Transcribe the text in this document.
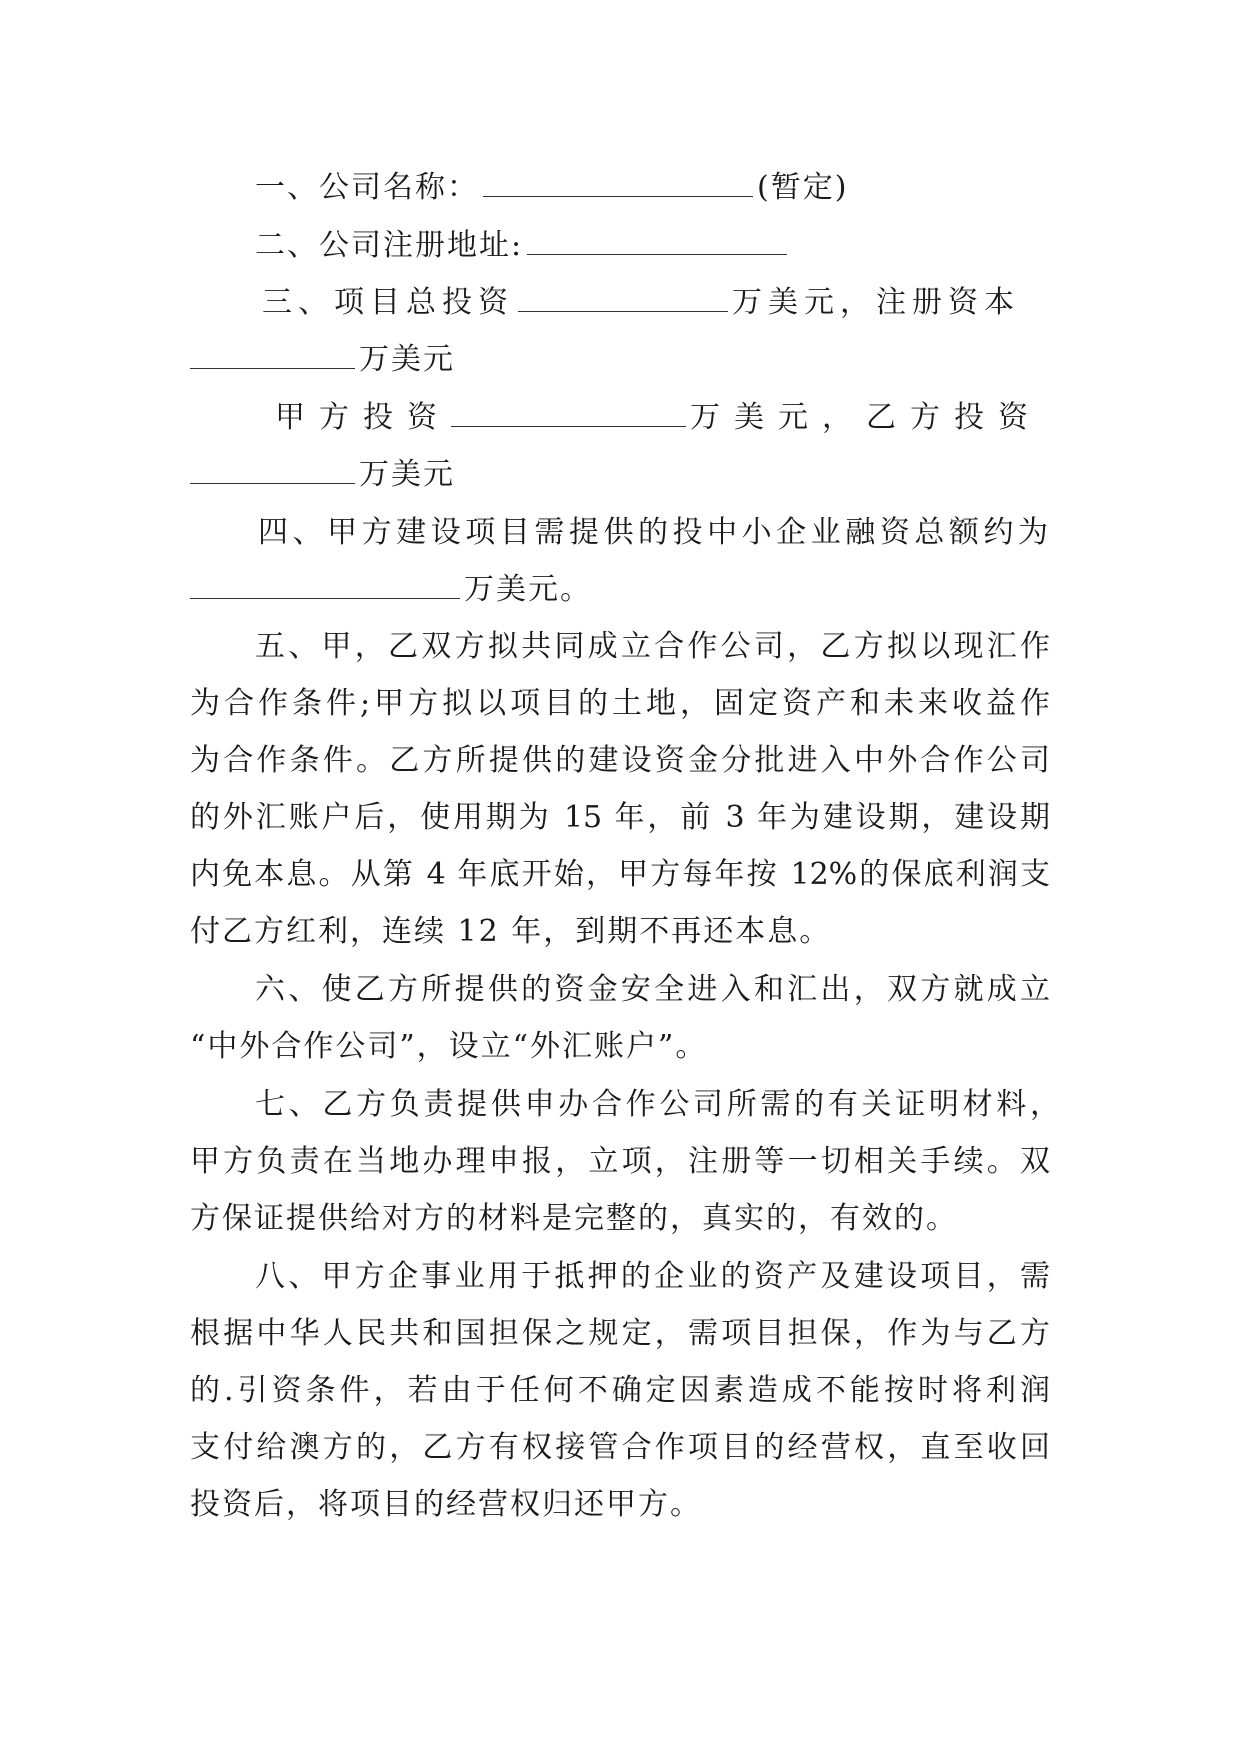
一、公司名称：	(暂定)
二、公司注册地址:
三、项目总投资	万美元，注册资本
万美元
甲方投资	万美元，乙方投资
万美元
四、甲方建设项目需提供的投中小企业融资总额约为
万美元。
五、甲，乙双方拟共同成立合作公司，乙方拟以现汇作
为合作条件;甲方拟以项目的土地，固定资产和未来收益作
为合作条件。乙方所提供的建设资金分批进入中外合作公司
的外汇账户后，使用期为 15 年，前 3 年为建设期，建设期
内免本息。从第 4 年底开始，甲方每年按 12%的保底利润支
付乙方红利，连续 12 年，到期不再还本息。
六、使乙方所提供的资金安全进入和汇出，双方就成立
“中外合作公司”，设立“外汇账户”。
七、乙方负责提供申办合作公司所需的有关证明材料，
甲方负责在当地办理申报，立项，注册等一切相关手续。双
方保证提供给对方的材料是完整的，真实的，有效的。
八、甲方企事业用于抵押的企业的资产及建设项目，需
根据中华人民共和国担保之规定，需项目担保，作为与乙方
的.引资条件，若由于任何不确定因素造成不能按时将利润
支付给澳方的，乙方有权接管合作项目的经营权，直至收回
投资后，将项目的经营权归还甲方。
